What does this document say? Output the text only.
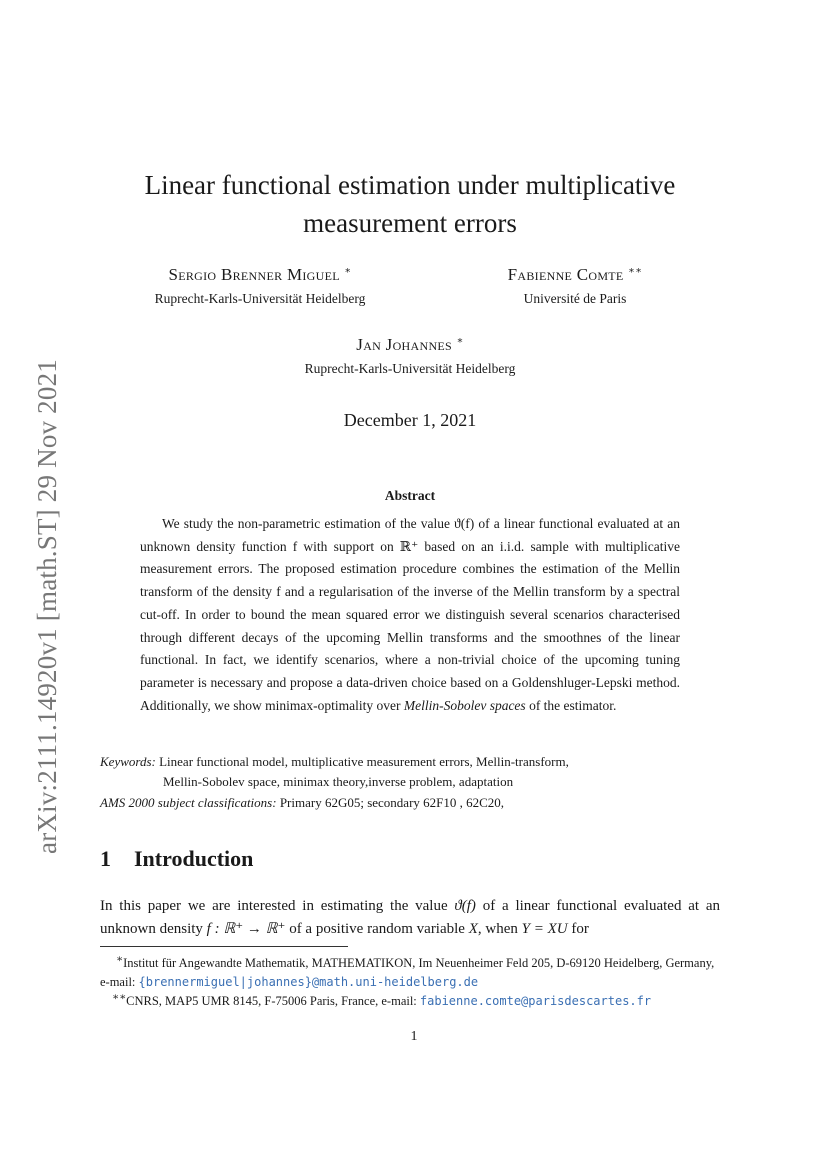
arXiv:2111.14920v1 [math.ST] 29 Nov 2021
Linear functional estimation under multiplicative measurement errors
Sergio Brenner Miguel ∗
Ruprecht-Karls-Universität Heidelberg
Fabienne Comte ∗∗
Université de Paris
Jan Johannes ∗
Ruprecht-Karls-Universität Heidelberg
December 1, 2021
Abstract

We study the non-parametric estimation of the value ϑ(f) of a linear functional evaluated at an unknown density function f with support on ℝ⁺ based on an i.i.d. sample with multiplicative measurement errors. The proposed estimation procedure combines the estimation of the Mellin transform of the density f and a regularisation of the inverse of the Mellin transform by a spectral cut-off. In order to bound the mean squared error we distinguish several scenarios characterised through different decays of the upcoming Mellin transforms and the smoothnes of the linear functional. In fact, we identify scenarios, where a non-trivial choice of the upcoming tuning parameter is necessary and propose a data-driven choice based on a Goldenshluger-Lepski method. Additionally, we show minimax-optimality over Mellin-Sobolev spaces of the estimator.

Keywords: Linear functional model, multiplicative measurement errors, Mellin-transform,
Mellin-Sobolev space, minimax theory,inverse problem, adaptation
AMS 2000 subject classifications: Primary 62G05; secondary 62F10 , 62C20,
1 Introduction

In this paper we are interested in estimating the value ϑ(f) of a linear functional evaluated at an unknown density f : ℝ⁺ → ℝ⁺ of a positive random variable X, when Y = XU for

∗Institut für Angewandte Mathematik, MATHEMATIKON, Im Neuenheimer Feld 205, D-69120 Heidelberg, Germany, e-mail: {brennermiguel|johannes}@math.uni-heidelberg.de
∗∗CNRS, MAP5 UMR 8145, F-75006 Paris, France, e-mail: fabienne.comte@parisdescartes.fr
1
